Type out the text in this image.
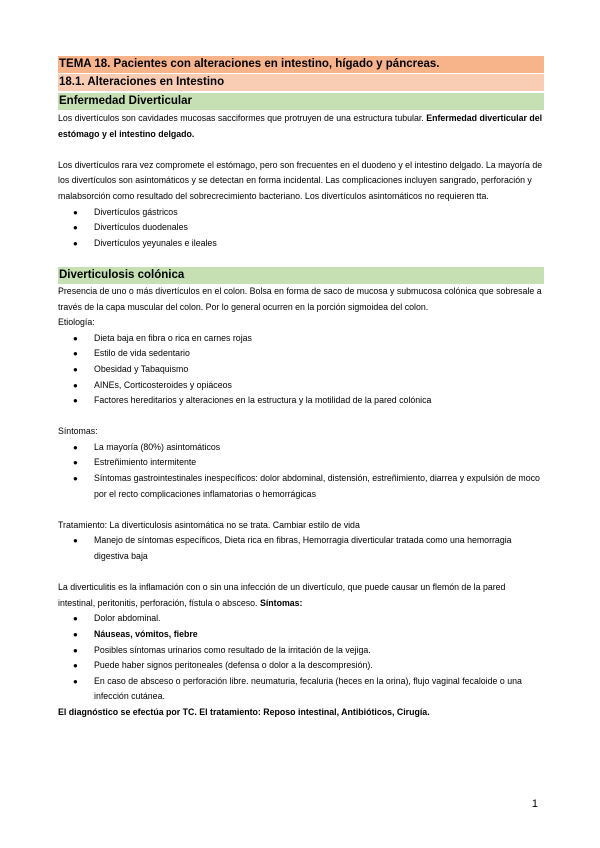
TEMA 18. Pacientes con alteraciones en intestino, hígado y páncreas.
18.1. Alteraciones en Intestino
Enfermedad Diverticular

Los divertículos son cavidades mucosas sacciformes que protruyen de una estructura tubular. Enfermedad diverticular del estómago y el intestino delgado.

Los divertículos rara vez compromete el estómago, pero son frecuentes en el duodeno y el intestino delgado. La mayoría de los divertículos son asintomáticos y se detectan en forma incidental. Las complicaciones incluyen sangrado, perforación y malabsorción como resultado del sobrecrecimiento bacteriano. Los divertículos asintomáticos no requieren tta.

● Divertículos gástricos
● Divertículos duodenales
● Divertículos yeyunales e ileales
Diverticulosis colónica

Presencia de uno o más divertículos en el colon. Bolsa en forma de saco de mucosa y submucosa colónica que sobresale a través de la capa muscular del colon. Por lo general ocurren en la porción sigmoidea del colon.

Etiología:

● Dieta baja en fibra o rica en carnes rojas
● Estilo de vida sedentario
● Obesidad y Tabaquismo
● AINEs, Corticosteroides y opiáceos
● Factores hereditarios y alteraciones en la estructura y la motilidad de la pared colónica

Síntomas:

● La mayoría (80%) asintomáticos
● Estreñimiento intermitente
● Síntomas gastrointestinales inespecíficos: dolor abdominal, distensión, estreñimiento, diarrea y expulsión de moco por el recto complicaciones inflamatorias o hemorrágicas

Tratamiento: La diverticulosis asintomática no se trata. Cambiar estilo de vida

● Manejo de síntomas específicos, Dieta rica en fibras, Hemorragia diverticular tratada como una hemorragia digestiva baja

La diverticulitis es la inflamación con o sin una infección de un divertículo, que puede causar un flemón de la pared intestinal, peritonitis, perforación, fístula o absceso. Síntomas:

● Dolor abdominal.
● Náuseas, vómitos, fiebre
● Posibles síntomas urinarios como resultado de la irritación de la vejiga.
● Puede haber signos peritoneales (defensa o dolor a la descompresión).
● En caso de absceso o perforación libre. neumaturia, fecaluria (heces en la orina), flujo vaginal fecaloide o una infección cutánea.

El diagnóstico se efectúa por TC. El tratamiento: Reposo intestinal, Antibióticos, Cirugía.

1
